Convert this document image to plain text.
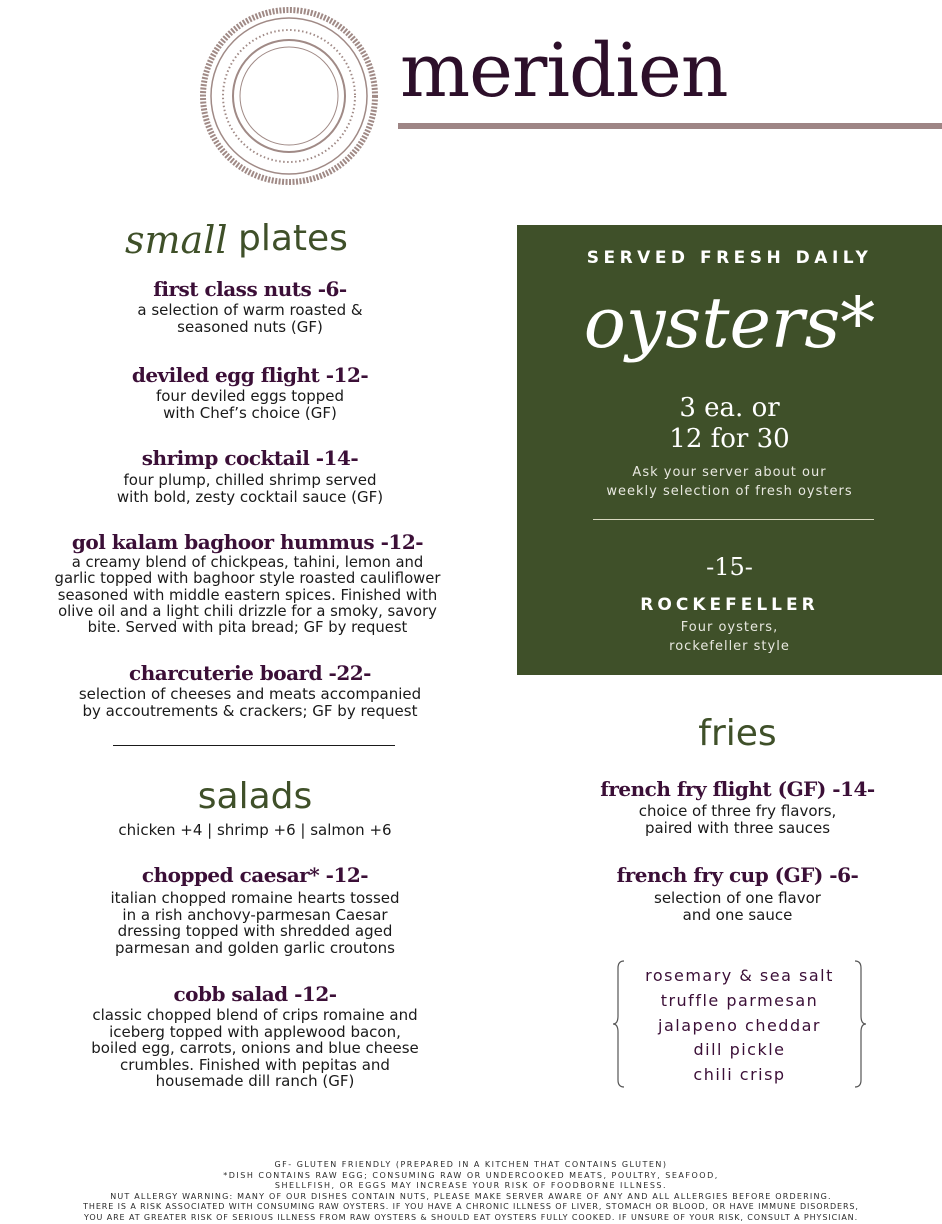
meridien
small plates
first class nuts -6-
a selection of warm roasted &
seasoned nuts (GF)
deviled egg flight -12-
four deviled eggs topped
with Chef’s choice (GF)
shrimp cocktail -14-
four plump, chilled shrimp served
with bold, zesty cocktail sauce (GF)
gol kalam baghoor hummus -12-
a creamy blend of chickpeas, tahini, lemon and
garlic topped with baghoor style roasted cauliflower
seasoned with middle eastern spices. Finished with
olive oil and a light chili drizzle for a smoky, savory
bite. Served with pita bread; GF by request
charcuterie board -22-
selection of cheeses and meats accompanied
by accoutrements & crackers; GF by request
SERVED FRESH DAILY
oysters*
3 ea. or
12 for 30
Ask your server about our
weekly selection of fresh oysters
-15-
ROCKEFELLER
Four oysters,
rockefeller style
salads
chicken +4 | shrimp +6 | salmon +6
chopped caesar* -12-
italian chopped romaine hearts tossed
in a rish anchovy-parmesan Caesar
dressing topped with shredded aged
parmesan and golden garlic croutons
cobb salad -12-
classic chopped blend of crips romaine and
iceberg topped with applewood bacon,
boiled egg, carrots, onions and blue cheese
crumbles. Finished with pepitas and
housemade dill ranch (GF)
fries
french fry flight (GF) -14-
choice of three fry flavors,
paired with three sauces
french fry cup (GF) -6-
selection of one flavor
and one sauce
rosemary & sea salt
truffle parmesan
jalapeno cheddar
dill pickle
chili crisp
GF- GLUTEN FRIENDLY (PREPARED IN A KITCHEN THAT CONTAINS GLUTEN)
*DISH CONTAINS RAW EGG; CONSUMING RAW OR UNDERCOOKED MEATS, POULTRY, SEAFOOD,
SHELLFISH, OR EGGS MAY INCREASE YOUR RISK OF FOODBORNE ILLNESS.
NUT ALLERGY WARNING: MANY OF OUR DISHES CONTAIN NUTS, PLEASE MAKE SERVER AWARE OF ANY AND ALL ALLERGIES BEFORE ORDERING.
THERE IS A RISK ASSOCIATED WITH CONSUMING RAW OYSTERS. IF YOU HAVE A CHRONIC ILLNESS OF LIVER, STOMACH OR BLOOD, OR HAVE IMMUNE DISORDERS,
YOU ARE AT GREATER RISK OF SERIOUS ILLNESS FROM RAW OYSTERS & SHOULD EAT OYSTERS FULLY COOKED. IF UNSURE OF YOUR RISK, CONSULT A PHYSICIAN.
